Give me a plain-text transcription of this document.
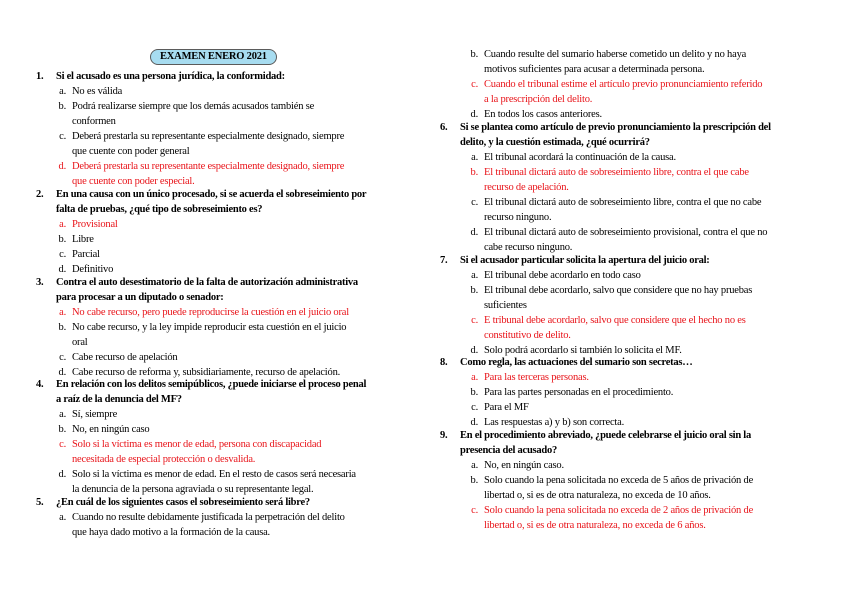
EXAMEN ENERO 2021
1.	Si el acusado es una persona jurídica, la conformidad:
a. No es válida
b. Podrá realizarse siempre que los demás acusados también se
conformen
c. Deberá prestarla su representante especialmente designado, siempre
que cuente con poder general
d. Deberá prestarla su representante especialmente designado, siempre
que cuente con poder especial.
2.	En una causa con un único procesado, si se acuerda el sobreseimiento por
falta de pruebas, ¿qué tipo de sobreseimiento es?
a. Provisional
b. Libre
c. Parcial
d. Definitivo
3.	Contra el auto desestimatorio de la falta de autorización administrativa
para procesar a un diputado o senador:
a. No cabe recurso, pero puede reproducirse la cuestión en el juicio oral
b. No cabe recurso, y la ley impide reproducir esta cuestión en el juicio
oral
c. Cabe recurso de apelación
d. Cabe recurso de reforma y, subsidiariamente, recurso de apelación.
4.	En relación con los delitos semipúblicos, ¿puede iniciarse el proceso penal
a raíz de la denuncia del MF?
a. Sí, siempre
b. No, en ningún caso
c. Solo si la víctima es menor de edad, persona con discapacidad
necesitada de especial protección o desvalida.
d. Solo si la víctima es menor de edad. En el resto de casos será necesaria
la denuncia de la persona agraviada o su representante legal.
5.	¿En cuál de los siguientes casos el sobreseimiento será libre?
a. Cuando no resulte debidamente justificada la perpetración del delito
que haya dado motivo a la formación de la causa.
b. Cuando resulte del sumario haberse cometido un delito y no haya
motivos suficientes para acusar a determinada persona.
c. Cuando el tribunal estime el artículo previo pronunciamiento referido
a la prescripción del delito.
d. En todos los casos anteriores.
6.	Si se plantea como artículo de previo pronunciamiento la prescripción del
delito, y la cuestión estimada, ¿qué ocurrirá?
a. El tribunal acordará la continuación de la causa.
b. El tribunal dictará auto de sobreseimiento libre, contra el que cabe
recurso de apelación.
c. El tribunal dictará auto de sobreseimiento libre, contra el que no cabe
recurso ninguno.
d. El tribunal dictará auto de sobreseimiento provisional, contra el que no
cabe recurso ninguno.
7.	Si el acusador particular solicita la apertura del juicio oral:
a. El tribunal debe acordarlo en todo caso
b. El tribunal debe acordarlo, salvo que considere que no hay pruebas
suficientes
c. E tribunal debe acordarlo, salvo que considere que el hecho no es
constitutivo de delito.
d. Solo podrá acordarlo si también lo solicita el MF.
8.	Como regla, las actuaciones del sumario son secretas…
a. Para las terceras personas.
b. Para las partes personadas en el procedimiento.
c. Para el MF
d. Las respuestas a) y b) son correcta.
9.	En el procedimiento abreviado, ¿puede celebrarse el juicio oral sin la
presencia del acusado?
a. No, en ningún caso.
b. Solo cuando la pena solicitada no exceda de 5 años de privación de
libertad o, si es de otra naturaleza, no exceda de 10 años.
c. Solo cuando la pena solicitada no exceda de 2 años de privación de
libertad o, si es de otra naturaleza, no exceda de 6 años.
